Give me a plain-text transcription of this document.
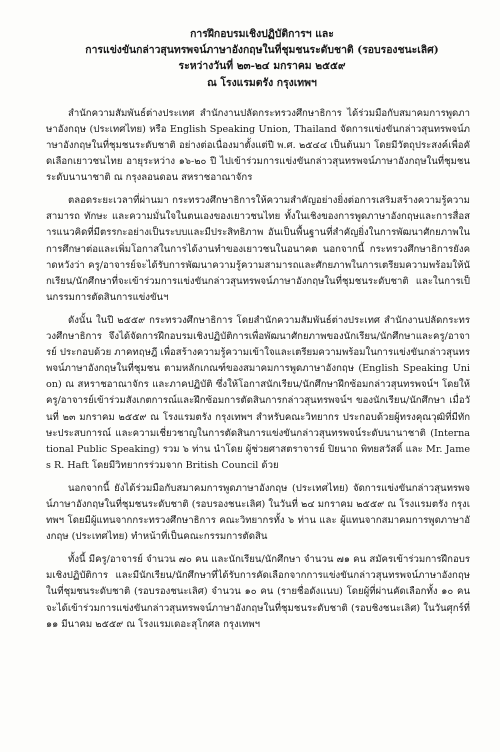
การฝึกอบรมเชิงปฏิบัติการฯ และ
การแข่งขันกล่าวสุนทรพจน์ภาษาอังกฤษในที่ชุมชนระดับชาติ (รอบรองชนะเลิศ)
ระหว่างวันที่ ๒๓-๒๔ มกราคม ๒๕๕๙
ณ โรงแรมตรัง กรุงเทพฯ

สำนักความสัมพันธ์ต่างประเทศ สำนักงานปลัดกระทรวงศึกษาธิการ ได้ร่วมมือกับสมาคมการพูดภาษาอังกฤษ (ประเทศไทย) หรือ English Speaking Union, Thailand จัดการแข่งขันกล่าวสุนทรพจน์ภาษาอังกฤษในที่ชุมชนระดับชาติ อย่างต่อเนื่องมาตั้งแต่ปี พ.ศ. ๒๕๔๔ เป็นต้นมา โดยมีวัตถุประสงค์เพื่อคัดเลือกเยาวชนไทย อายุระหว่าง ๑๖-๒๐ ปี ไปเข้าร่วมการแข่งขันกล่าวสุนทรพจน์ภาษาอังกฤษในที่ชุมชนระดับนานาชาติ ณ กรุงลอนดอน สหราชอาณาจักร

ตลอดระยะเวลาที่ผ่านมา กระทรวงศึกษาธิการให้ความสำคัญอย่างยิ่งต่อการเสริมสร้างความรู้ความสามารถ ทักษะ และความมั่นใจในตนเองของเยาวชนไทย ทั้งในเชิงของการพูดภาษาอังกฤษและการสื่อสารแนวคิดที่มีตรรกะอย่างเป็นระบบและมีประสิทธิภาพ อันเป็นพื้นฐานที่สำคัญยิ่งในการพัฒนาศักยภาพในการศึกษาต่อและเพิ่มโอกาสในการได้งานทำของเยาวชนในอนาคต นอกจากนี้ กระทรวงศึกษาธิการยังคาดหวังว่า ครู/อาจารย์จะได้รับการพัฒนาความรู้ความสามารถและศักยภาพในการเตรียมความพร้อมให้นักเรียน/นักศึกษาที่จะเข้าร่วมการแข่งขันกล่าวสุนทรพจน์ภาษาอังกฤษในที่ชุมชนระดับชาติ และในการเป็นกรรมการตัดสินการแข่งขันฯ

ดังนั้น ในปี ๒๕๕๙ กระทรวงศึกษาธิการ โดยสำนักความสัมพันธ์ต่างประเทศ สำนักงานปลัดกระทรวงศึกษาธิการ จึงได้จัดการฝึกอบรมเชิงปฏิบัติการเพื่อพัฒนาศักยภาพของนักเรียน/นักศึกษาและครู/อาจารย์ ประกอบด้วย ภาคทฤษฎี เพื่อสร้างความรู้ความเข้าใจและเตรียมความพร้อมในการแข่งขันกล่าวสุนทรพจน์ภาษาอังกฤษในที่ชุมชน ตามหลักเกณฑ์ของสมาคมการพูดภาษาอังกฤษ (English Speaking Union) ณ สหราชอาณาจักร และภาคปฏิบัติ ซึ่งให้โอกาสนักเรียน/นักศึกษาฝึกซ้อมกล่าวสุนทรพจน์ฯ โดยให้ครู/อาจารย์เข้าร่วมสังเกตการณ์และฝึกซ้อมการตัดสินการกล่าวสุนทรพจน์ฯ ของนักเรียน/นักศึกษา เมื่อวันที่ ๒๓ มกราคม ๒๕๕๙ ณ โรงแรมตรัง กรุงเทพฯ สำหรับคณะวิทยากร ประกอบด้วยผู้ทรงคุณวุฒิที่มีทักษะประสบการณ์ และความเชี่ยวชาญในการตัดสินการแข่งขันกล่าวสุนทรพจน์ระดับนานาชาติ (International Public Speaking) รวม ๖ ท่าน นำโดย ผู้ช่วยศาสตราจารย์ ปิยนาถ พิทยสวัสดิ์ และ Mr. James R. Haft โดยมีวิทยากรร่วมจาก British Council ด้วย

นอกจากนี้ ยังได้ร่วมมือกับสมาคมการพูดภาษาอังกฤษ (ประเทศไทย) จัดการแข่งขันกล่าวสุนทรพจน์ภาษาอังกฤษในที่ชุมชนระดับชาติ (รอบรองชนะเลิศ) ในวันที่ ๒๔ มกราคม ๒๕๕๙ ณ โรงแรมตรัง กรุงเทพฯ โดยมีผู้แทนจากกระทรวงศึกษาธิการ คณะวิทยากรทั้ง ๖ ท่าน และ ผู้แทนจากสมาคมการพูดภาษาอังกฤษ (ประเทศไทย) ทำหน้าที่เป็นคณะกรรมการตัดสิน

ทั้งนี้ มีครู/อาจารย์ จำนวน ๗๐ คน และนักเรียน/นักศึกษา จำนวน ๗๑ คน สมัครเข้าร่วมการฝึกอบรมเชิงปฏิบัติการ และมีนักเรียน/นักศึกษาที่ได้รับการคัดเลือกจากการแข่งขันกล่าวสุนทรพจน์ภาษาอังกฤษในที่ชุมชนระดับชาติ (รอบรองชนะเลิศ) จำนวน ๑๐ คน (รายชื่อดังแนบ) โดยผู้ที่ผ่านคัดเลือกทั้ง ๑๐ คน จะได้เข้าร่วมการแข่งขันกล่าวสุนทรพจน์ภาษาอังกฤษในที่ชุมชนระดับชาติ (รอบชิงชนะเลิศ) ในวันศุกร์ที่ ๑๑ มีนาคม ๒๕๕๙ ณ โรงแรมเดอะสุโกศล กรุงเทพฯ
